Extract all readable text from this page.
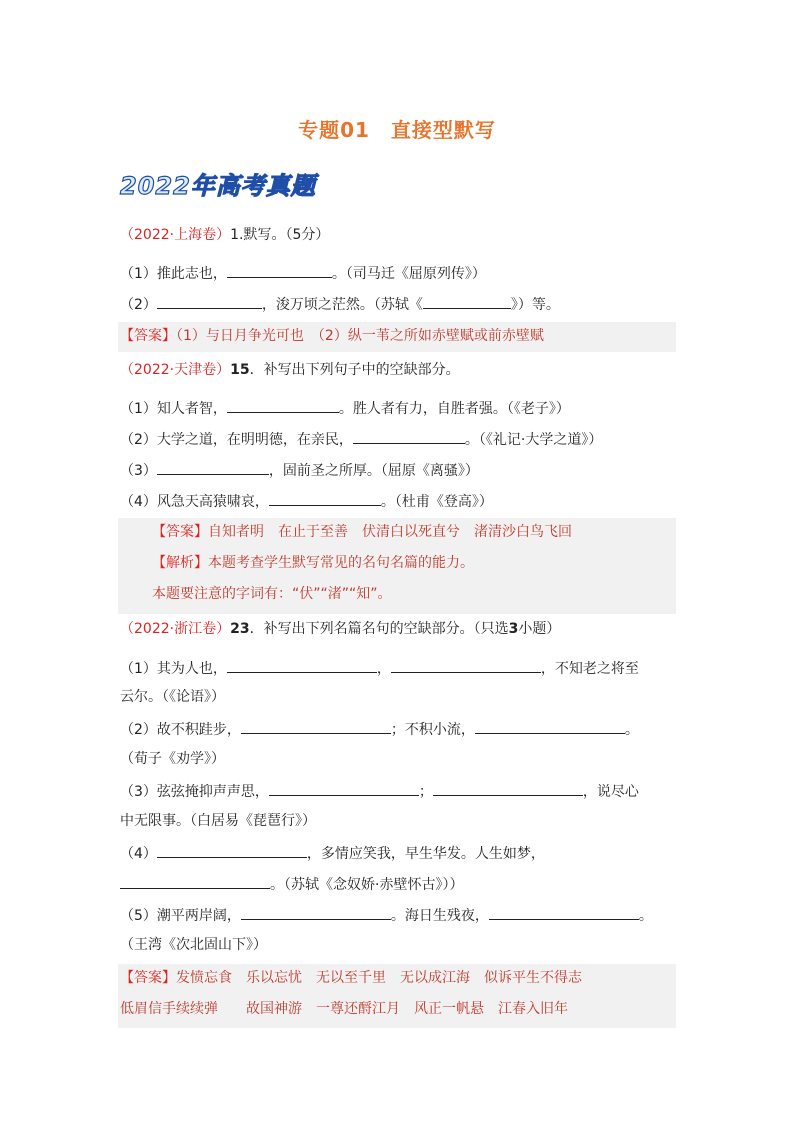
专题01　直接型默写
2022年高考真题
（2022·上海卷）1.默写。（5分）
（1）推此志也，	。（司马迁《屈原列传》）
（2）	，浚万顷之茫然。（苏轼《	》）等。
【答案】（1）与日月争光可也　（2）纵一苇之所如赤壁赋或前赤壁赋
（2022·天津卷）15．补写出下列句子中的空缺部分。
（1）知人者智，	。胜人者有力，自胜者强。（《老子》）
（2）大学之道，在明明德，在亲民，	。（《礼记·大学之道》）
（3）	，固前圣之所厚。（屈原《离骚》）
（4）风急天高猿啸哀，	。（杜甫《登高》）
【答案】自知者明　在止于至善　伏清白以死直兮　渚清沙白鸟飞回
【解析】本题考查学生默写常见的名句名篇的能力。
本题要注意的字词有：“伏”“渚”“知”。
（2022·浙江卷）23．补写出下列名篇名句的空缺部分。（只选3小题）
（1）其为人也，	，	，不知老之将至
云尔。（《论语》）
（2）故不积跬步，	；不积小流，	。
（荀子《劝学》）
（3）弦弦掩抑声声思，	；	，说尽心
中无限事。（白居易《琵琶行》）
（4）	，多情应笑我，早生华发。人生如梦，
。（苏轼《念奴娇·赤壁怀古》））
（5）潮平两岸阔，	。海日生残夜，	。
（王湾《次北固山下》）
【答案】发愤忘食　乐以忘忧　无以至千里　无以成江海　似诉平生不得志
低眉信手续续弹　　故国神游　一尊还酹江月　风正一帆悬　江春入旧年
